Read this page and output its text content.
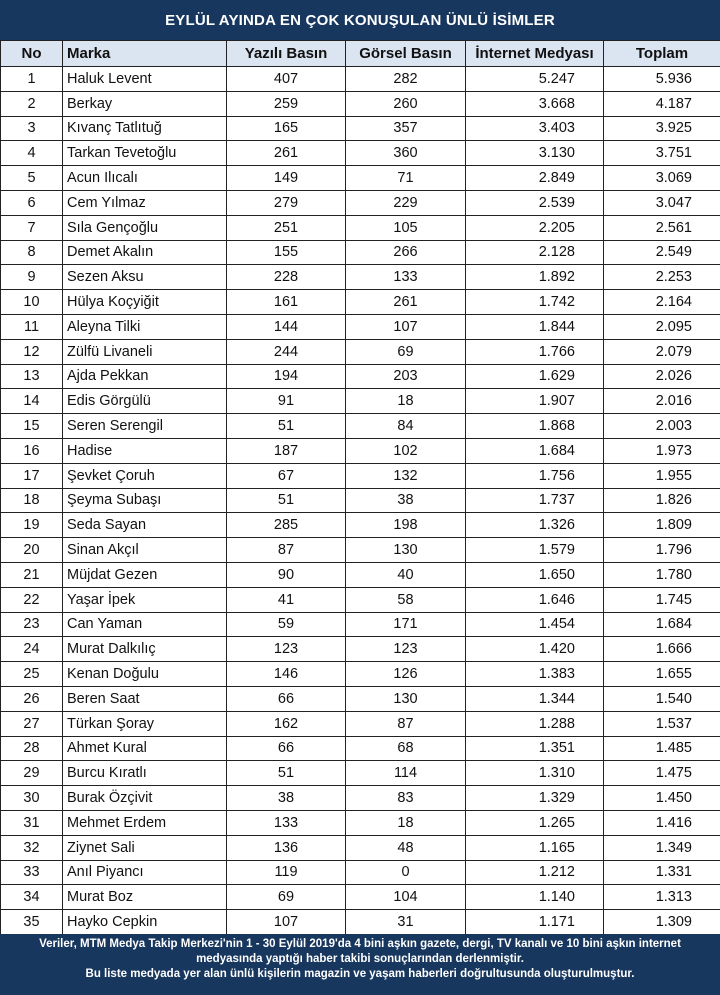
EYLÜL AYINDA EN ÇOK KONUŞULAN ÜNLÜ İSİMLER
No	Marka	Yazılı Basın	Görsel Basın	İnternet Medyası	Toplam
1	Haluk Levent	407	282	5.247	5.936
2	Berkay	259	260	3.668	4.187
3	Kıvanç Tatlıtuğ	165	357	3.403	3.925
4	Tarkan Tevetoğlu	261	360	3.130	3.751
5	Acun Ilıcalı	149	71	2.849	3.069
6	Cem Yılmaz	279	229	2.539	3.047
7	Sıla Gençoğlu	251	105	2.205	2.561
8	Demet Akalın	155	266	2.128	2.549
9	Sezen Aksu	228	133	1.892	2.253
10	Hülya Koçyiğit	161	261	1.742	2.164
11	Aleyna Tilki	144	107	1.844	2.095
12	Zülfü Livaneli	244	69	1.766	2.079
13	Ajda Pekkan	194	203	1.629	2.026
14	Edis Görgülü	91	18	1.907	2.016
15	Seren Serengil	51	84	1.868	2.003
16	Hadise	187	102	1.684	1.973
17	Şevket Çoruh	67	132	1.756	1.955
18	Şeyma Subaşı	51	38	1.737	1.826
19	Seda Sayan	285	198	1.326	1.809
20	Sinan Akçıl	87	130	1.579	1.796
21	Müjdat Gezen	90	40	1.650	1.780
22	Yaşar İpek	41	58	1.646	1.745
23	Can Yaman	59	171	1.454	1.684
24	Murat Dalkılıç	123	123	1.420	1.666
25	Kenan Doğulu	146	126	1.383	1.655
26	Beren Saat	66	130	1.344	1.540
27	Türkan Şoray	162	87	1.288	1.537
28	Ahmet Kural	66	68	1.351	1.485
29	Burcu Kıratlı	51	114	1.310	1.475
30	Burak Özçivit	38	83	1.329	1.450
31	Mehmet Erdem	133	18	1.265	1.416
32	Ziynet Sali	136	48	1.165	1.349
33	Anıl Piyancı	119	0	1.212	1.331
34	Murat Boz	69	104	1.140	1.313
35	Hayko Cepkin	107	31	1.171	1.309
Veriler, MTM Medya Takip Merkezi'nin 1 - 30 Eylül 2019'da 4 bini aşkın gazete, dergi, TV kanalı ve 10 bini aşkın internet
medyasında yaptığı haber takibi sonuçlarından derlenmiştir.
Bu liste medyada yer alan ünlü kişilerin magazin ve yaşam haberleri doğrultusunda oluşturulmuştur.
